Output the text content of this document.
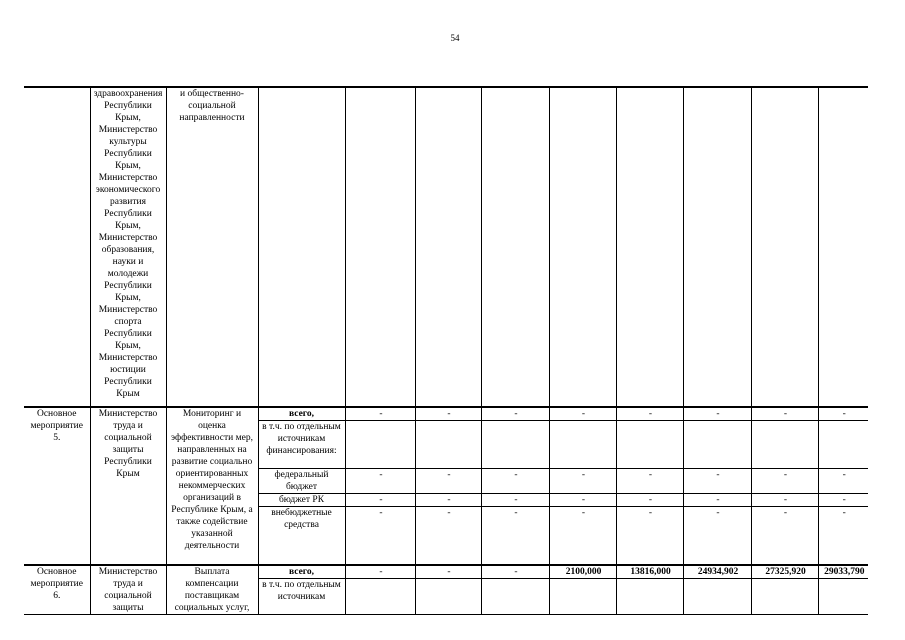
54
	здравоохранения Республики Крым, Министерство культуры Республики Крым, Министерство экономического развития Республики Крым, Министерство образования, науки и молодежи Республики Крым, Министерство спорта Республики Крым, Министерство юстиции Республики Крым	и общественно-социальной направленности									
Основное мероприятие 5.	Министерство труда и социальной защиты Республики Крым	Мониторинг и оценка эффективности мер, направленных на развитие социально ориентированных некоммерческих организаций в Республике Крым, а также содействие указанной деятельности	всего,	-	-	-	-	-	-	-	-
			в т.ч. по отдельным источникам финансирования:								
			федеральный бюджет	-	-	-	-	-	-	-	-
			бюджет РК	-	-	-	-	-	-	-	-
			внебюджетные средства	-	-	-	-	-	-	-	-
Основное мероприятие 6.	Министерство труда и социальной защиты	Выплата компенсации поставщикам социальных услуг,	всего,	-	-	-	2100,000	13816,000	24934,902	27325,920	29033,790
			в т.ч. по отдельным источникам								
